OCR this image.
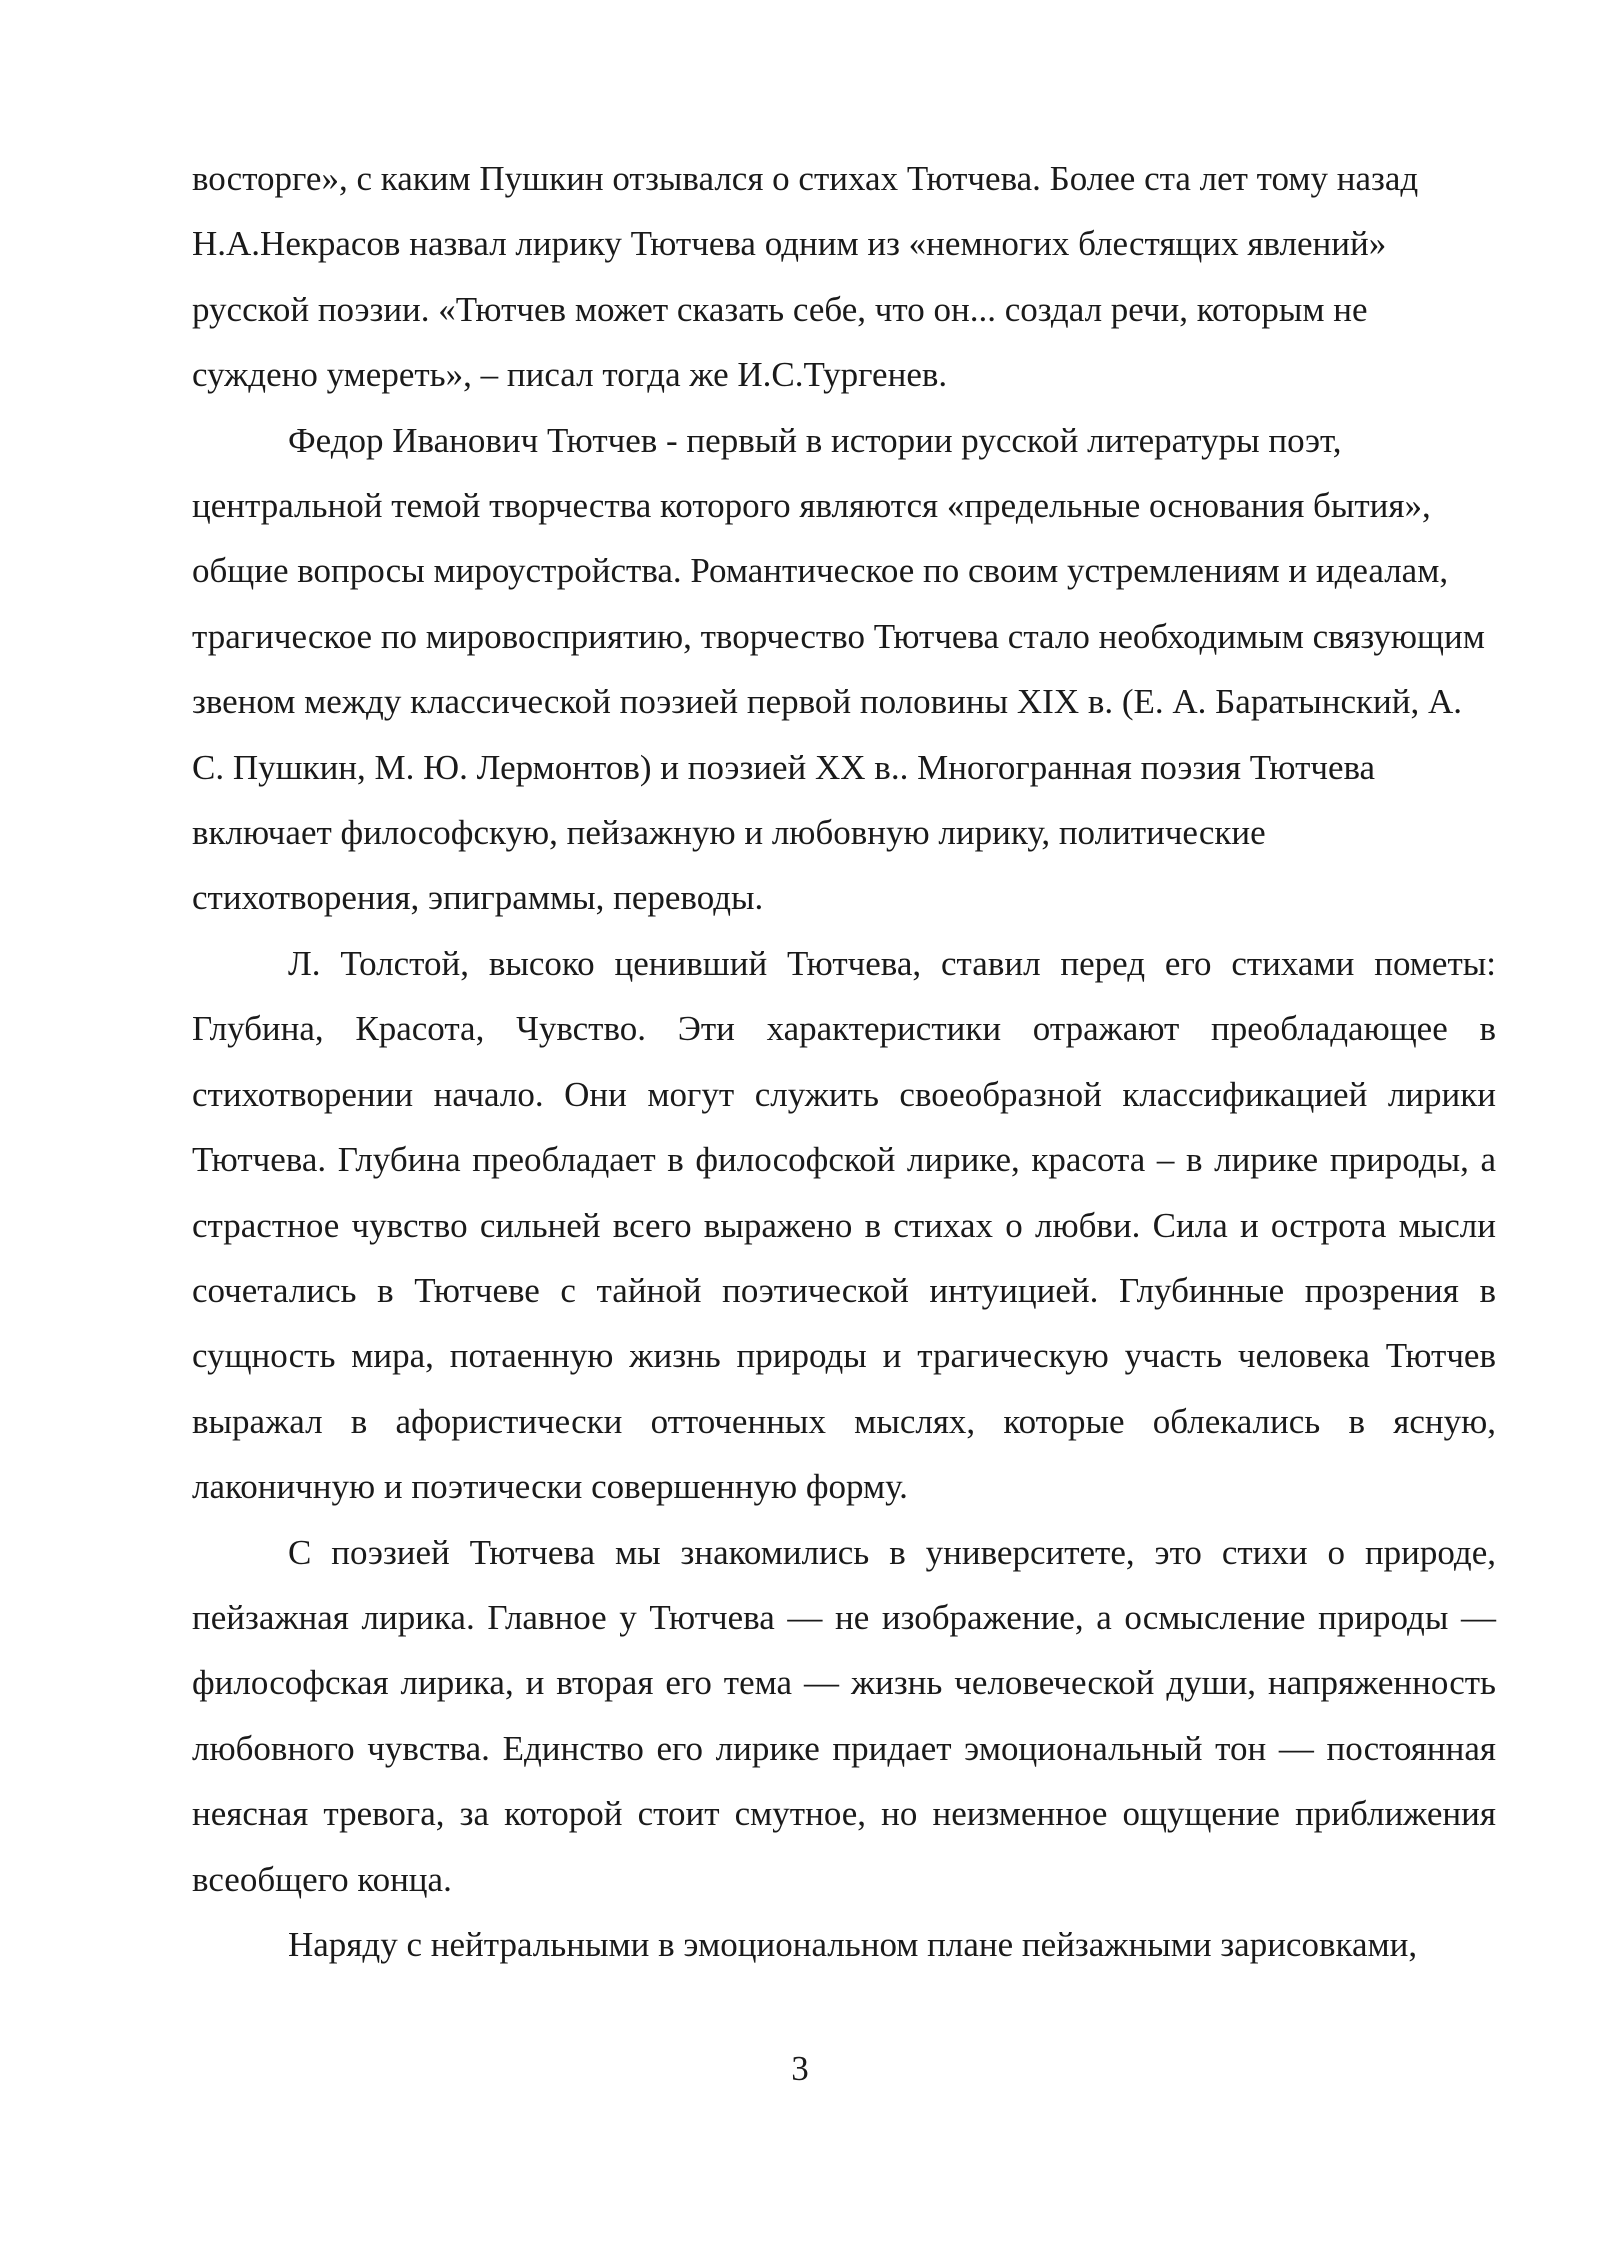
восторге», с каким Пушкин отзывался о стихах Тютчева. Более ста лет тому назад Н.А.Некрасов назвал лирику Тютчева одним из «немногих блестящих явлений» русской поэзии. «Тютчев может сказать себе, что он... создал речи, которым не суждено умереть», – писал тогда же И.С.Тургенев.

Федор Иванович Тютчев - первый в истории русской литературы поэт, центральной темой творчества которого являются «предельные основания бытия», общие вопросы мироустройства. Романтическое по своим устремлениям и идеалам, трагическое по мировосприятию, творчество Тютчева стало необходимым связующим звеном между классической поэзией первой половины XIX в. (Е. А. Баратынский, А. С. Пушкин, М. Ю. Лермонтов) и поэзией XX в.. Многогранная поэзия Тютчева включает философскую, пейзажную и любовную лирику, политические стихотворения, эпиграммы, переводы.

Л. Толстой, высоко ценивший Тютчева, ставил перед его стихами пометы: Глубина, Красота, Чувство. Эти характеристики отражают преобладающее в стихотворении начало. Они могут служить своеобразной классификацией лирики Тютчева. Глубина преобладает в философской лирике, красота – в лирике природы, а страстное чувство сильней всего выражено в стихах о любви. Сила и острота мысли сочетались в Тютчеве с тайной поэтической интуицией. Глубинные прозрения в сущность мира, потаенную жизнь природы и трагическую участь человека Тютчев выражал в афористически отточенных мыслях, которые облекались в ясную, лаконичную и поэтически совершенную форму.

С поэзией Тютчева мы знакомились в университете, это стихи о природе, пейзажная лирика. Главное у Тютчева — не изображение, а осмысление природы — философская лирика, и вторая его тема — жизнь человеческой души, напряженность любовного чувства. Единство его лирике придает эмоциональный тон — постоянная неясная тревога, за которой стоит смутное, но неизменное ощущение приближения всеобщего конца.

Наряду с нейтральными в эмоциональном плане пейзажными зарисовками,

3
